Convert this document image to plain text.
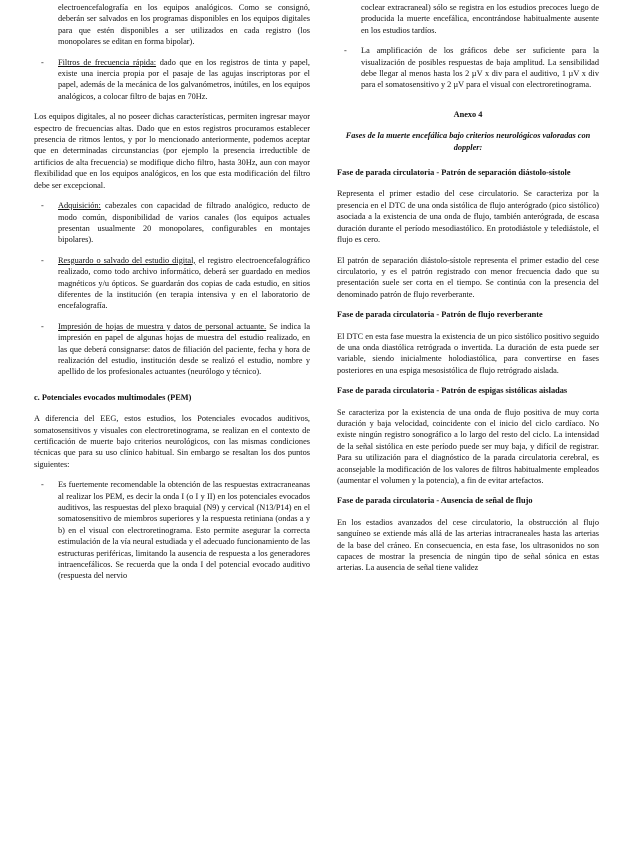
electroencefalografía en los equipos analógicos. Como se consignó, deberán ser salvados en los programas disponibles en los equipos digitales para que estén disponibles a ser utilizados en cada registro (los monopolares se editan en forma bipolar).
- Filtros de frecuencia rápida: dado que en los registros de tinta y papel, existe una inercia propia por el pasaje de las agujas inscriptoras por el papel, además de la mecánica de los galvanómetros, inútiles, en los equipos analógicos, a colocar filtro de bajas en 70Hz.

Los equipos digitales, al no poseer dichas características, permiten ingresar mayor espectro de frecuencias altas. Dado que en estos registros procuramos establecer presencia de ritmos lentos, y por lo mencionado anteriormente, podemos aceptar que en determinadas circunstancias (por ejemplo la presencia irreductible de artificios de alta frecuencia) se modifique dicho filtro, hasta 30Hz, aun con mayor flexibilidad que en los equipos analógicos, en los que esta modificación del filtro debe ser excepcional.

- Adquisición: cabezales con capacidad de filtrado analógico, reducto de modo común, disponibilidad de varios canales (los equipos actuales presentan usualmente 20 monopolares, configurables en montajes bipolares).
- Resguardo o salvado del estudio digital, el registro electroencefalográfico realizado, como todo archivo informático, deberá ser guardado en medios magnéticos y/u ópticos. Se guardarán dos copias de cada estudio, en sitios diferentes de la institución (en terapia intensiva y en el laboratorio de encefalografía.
- Impresión de hojas de muestra y datos de personal actuante. Se indica la impresión en papel de algunas hojas de muestra del estudio realizado, en las que deberá consignarse: datos de filiación del paciente, fecha y hora de realización del estudio, institución desde se realizó el estudio, nombre y apellido de los profesionales actuantes (neurólogo y técnico).
c. Potenciales evocados multimodales (PEM)

A diferencia del EEG, estos estudios, los Potenciales evocados auditivos, somatosensitivos y visuales con electroretinograma, se realizan en el contexto de certificación de muerte bajo criterios neurológicos, con las mismas condiciones técnicas que para su uso clínico habitual. Sin embargo se resaltan los dos puntos siguientes:

- Es fuertemente recomendable la obtención de las respuestas extracraneanas al realizar los PEM, es decir la onda I (o I y II) en los potenciales evocados auditivos, las respuestas del plexo braquial (N9) y cervical (N13/P14) en el somatosensitivo de miembros superiores y la respuesta retiniana (ondas a y b) en el visual con electroretinograma. Esto permite asegurar la correcta estimulación de la vía neural estudiada y el adecuado funcionamiento de las estructuras periféricas, limitando la ausencia de respuesta a los generadores intraencefálicos. Se recuerda que la onda I del potencial evocado auditivo (respuesta del nervio
coclear extracraneal) sólo se registra en los estudios precoces luego de producida la muerte encefálica, encontrándose habitualmente ausente en los estudios tardíos.
- La amplificación de los gráficos debe ser suficiente para la visualización de posibles respuestas de baja amplitud. La sensibilidad debe llegar al menos hasta los 2 µV x div para el auditivo, 1 µV x div para el somatosensitivo y 2 µV para el visual con electroretinograma.
Anexo 4
Fases de la muerte encefálica bajo criterios neurológicos valoradas con doppler:
Fase de parada circulatoria - Patrón de separación diástolo-sístole

Representa el primer estadio del cese circulatorio. Se caracteriza por la presencia en el DTC de una onda sistólica de flujo anterógrado (pico sistólico) asociada a la existencia de una onda de flujo, también anterógrada, de escasa duración durante el período mesodiastólico. En protodiástole y telediástole, el flujo es cero.

El patrón de separación diástolo-sístole representa el primer estadio del cese circulatorio, y es el patrón registrado con menor frecuencia dado que su presentación suele ser corta en el tiempo. Se continúa con la presencia del denominado patrón de flujo reverberante.

Fase de parada circulatoria - Patrón de flujo reverberante

El DTC en esta fase muestra la existencia de un pico sistólico positivo seguido de una onda diastólica retrógrada o invertida. La duración de esta puede ser variable, siendo inicialmente holodiastólica, para convertirse en fases posteriores en una espiga mesosistólica de flujo retrógrado aislada.

Fase de parada circulatoria - Patrón de espigas sistólicas aisladas

Se caracteriza por la existencia de una onda de flujo positiva de muy corta duración y baja velocidad, coincidente con el inicio del ciclo cardíaco. No existe ningún registro sonográfico a lo largo del resto del ciclo. La intensidad de la señal sistólica en este período puede ser muy baja, y difícil de registrar. Para su utilización para el diagnóstico de la parada circulatoria cerebral, es aconsejable la modificación de los valores de filtros habitualmente empleados (aumentar el volumen y la potencia), a fin de evitar artefactos.

Fase de parada circulatoria - Ausencia de señal de flujo

En los estadios avanzados del cese circulatorio, la obstrucción al flujo sanguíneo se extiende más allá de las arterias intracraneales hasta las arterias de la base del cráneo. En consecuencia, en esta fase, los ultrasonidos no son capaces de mostrar la presencia de ningún tipo de señal sónica en estas arterias. La ausencia de señal tiene validez
